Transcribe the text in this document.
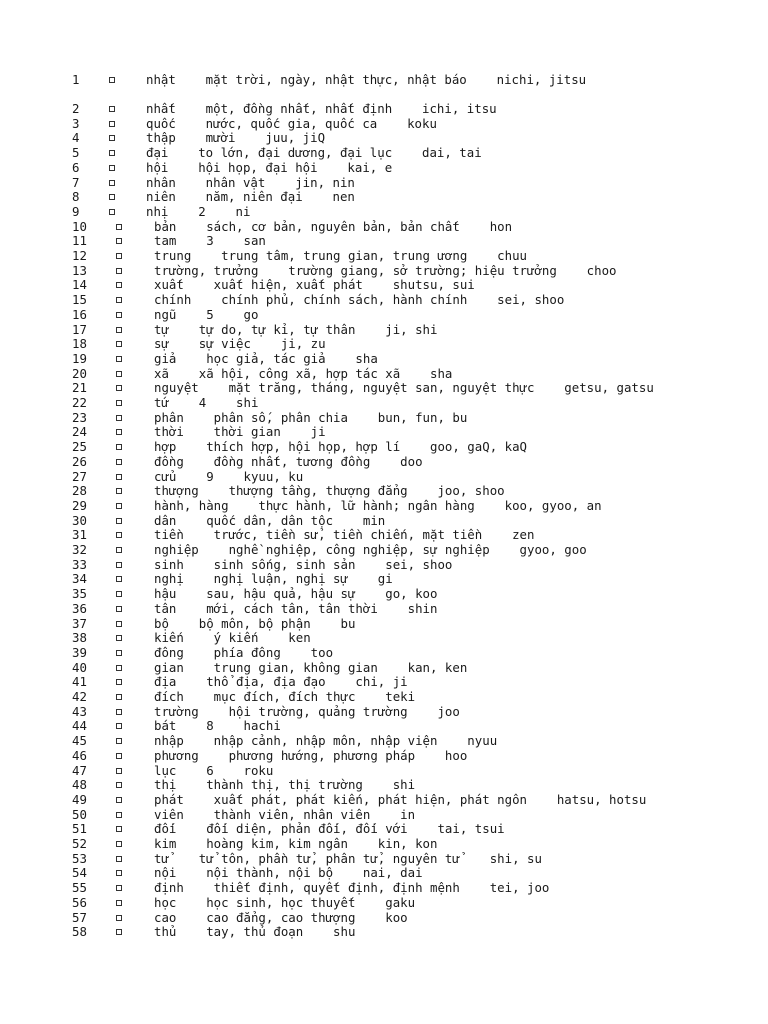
1	nhật    mặt trời, ngày, nhật thực, nhật báo    nichi, jitsu
2	nhất    một, đồng nhất, nhất định    ichi, itsu
3	quốc    nước, quốc gia, quốc ca    koku
4	thập    mười    juu, jiQ
5	đại    to lớn, đại dương, đại lục    dai, tai
6	hội    hội họp, đại hội    kai, e
7	nhân    nhân vật    jin, nin
8	niên    năm, niên đại    nen
9	nhị    2    ni
10	bản    sách, cơ bản, nguyên bản, bản chất    hon
11	tam    3    san
12	trung    trung tâm, trung gian, trung ương    chuu
13	trường, trưởng    trường giang, sở trường; hiệu trưởng    choo
14	xuất    xuất hiện, xuất phát    shutsu, sui
15	chính    chính phủ, chính sách, hành chính    sei, shoo
16	ngũ    5    go
17	tự    tự do, tự kỉ, tự thân    ji, shi
18	sự    sự việc    ji, zu
19	giả    học giả, tác giả    sha
20	xã    xã hội, công xã, hợp tác xã    sha
21	nguyệt    mặt trăng, tháng, nguyệt san, nguyệt thực    getsu, gatsu
22	tứ    4    shi
23	phân    phân số, phân chia    bun, fun, bu
24	thời    thời gian    ji
25	hợp    thích hợp, hội họp, hợp lí    goo, gaQ, kaQ
26	đồng    đồng nhất, tương đồng    doo
27	cửu    9    kyuu, ku
28	thượng    thượng tầng, thượng đẳng    joo, shoo
29	hành, hàng    thực hành, lữ hành; ngân hàng    koo, gyoo, an
30	dân    quốc dân, dân tộc    min
31	tiền    trước, tiền sử, tiền chiến, mặt tiền    zen
32	nghiệp    nghề nghiệp, công nghiệp, sự nghiệp    gyoo, goo
33	sinh    sinh sống, sinh sản    sei, shoo
34	nghị    nghị luận, nghị sự    gi
35	hậu    sau, hậu quả, hậu sự    go, koo
36	tân    mới, cách tân, tân thời    shin
37	bộ    bộ môn, bộ phận    bu
38	kiến    ý kiến    ken
39	đông    phía đông    too
40	gian    trung gian, không gian    kan, ken
41	địa    thổ địa, địa đạo    chi, ji
42	đích    mục đích, đích thực    teki
43	trường    hội trường, quảng trường    joo
44	bát    8    hachi
45	nhập    nhập cảnh, nhập môn, nhập viện    nyuu
46	phương    phương hướng, phương pháp    hoo
47	lục    6    roku
48	thị    thành thị, thị trường    shi
49	phát    xuất phát, phát kiến, phát hiện, phát ngôn    hatsu, hotsu
50	viên    thành viên, nhân viên    in
51	đối    đối diện, phản đối, đối với    tai, tsui
52	kim    hoàng kim, kim ngân    kin, kon
53	tử    tử tôn, phần tử, phân tử, nguyên tử    shi, su
54	nội    nội thành, nội bộ    nai, dai
55	định    thiết định, quyết định, định mệnh    tei, joo
56	học    học sinh, học thuyết    gaku
57	cao    cao đẳng, cao thượng    koo
58	thủ    tay, thủ đoạn    shu
